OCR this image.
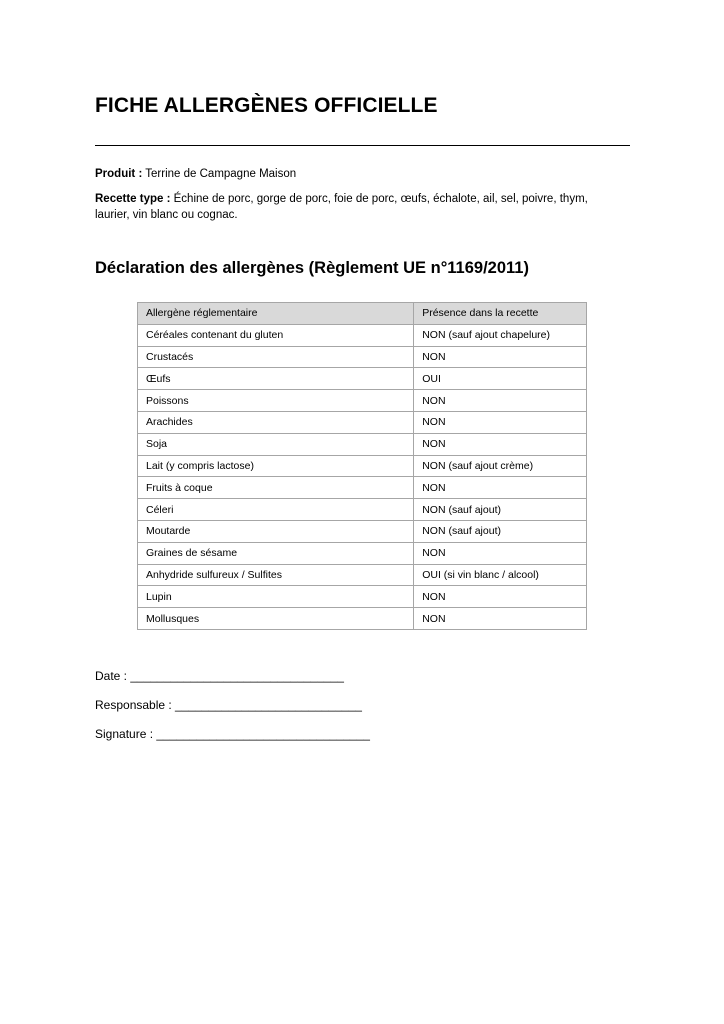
FICHE ALLERGÈNES OFFICIELLE
Produit : Terrine de Campagne Maison
Recette type : Échine de porc, gorge de porc, foie de porc, œufs, échalote, ail, sel, poivre, thym, laurier, vin blanc ou cognac.
Déclaration des allergènes (Règlement UE n°1169/2011)
Allergène réglementaire	Présence dans la recette
Céréales contenant du gluten	NON (sauf ajout chapelure)
Crustacés	NON
Œufs	OUI
Poissons	NON
Arachides	NON
Soja	NON
Lait (y compris lactose)	NON (sauf ajout crème)
Fruits à coque	NON
Céleri	NON (sauf ajout)
Moutarde	NON (sauf ajout)
Graines de sésame	NON
Anhydride sulfureux / Sulfites	OUI (si vin blanc / alcool)
Lupin	NON
Mollusques	NON
Date : ________________________________
Responsable : ____________________________
Signature : ________________________________
